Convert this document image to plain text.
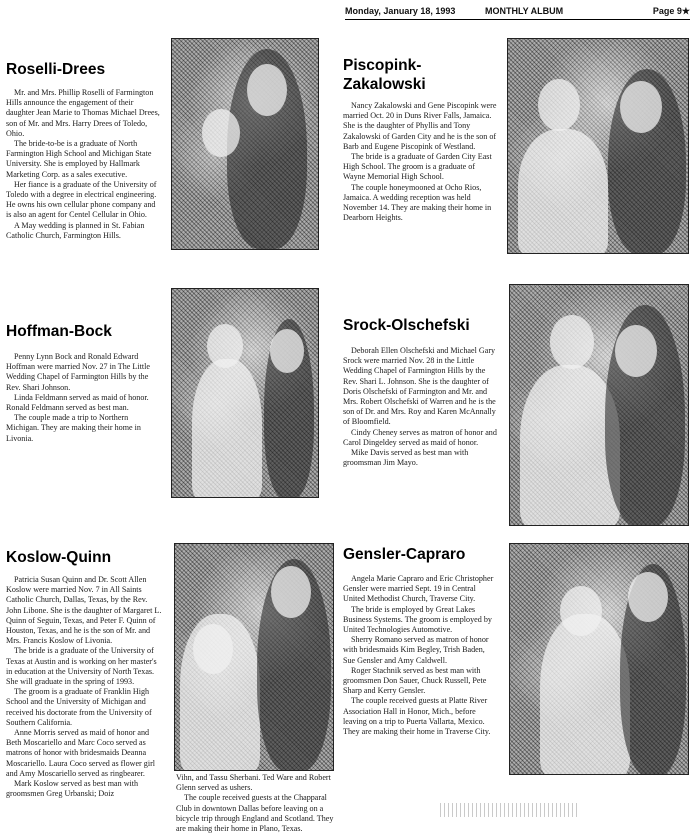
Monday, January 18, 1993	MONTHLY ALBUM	Page 9★
Roselli-Drees

Mr. and Mrs. Phillip Roselli of Farmington Hills announce the engagement of their daughter Jean Marie to Thomas Michael Drees, son of Mr. and Mrs. Harry Drees of Toledo, Ohio.

The bride-to-be is a graduate of North Farmington High School and Michigan State University. She is employed by Hallmark Marketing Corp. as a sales executive.

Her fiance is a graduate of the University of Toledo with a degree in electrical engineering. He owns his own cellular phone company and is also an agent for Centel Cellular in Ohio.

A May wedding is planned in St. Fabian Catholic Church, Farmington Hills.

Piscopink-
Zakalowski

Nancy Zakalowski and Gene Piscopink were married Oct. 20 in Duns River Falls, Jamaica. She is the daughter of Phyllis and Tony Zakalowski of Garden City and he is the son of Barb and Eugene Piscopink of Westland.

The bride is a graduate of Garden City East High School. The groom is a graduate of Wayne Memorial High School.

The couple honeymooned at Ocho Rios, Jamaica. A wedding reception was held November 14. They are making their home in Dearborn Heights.

Hoffman-Bock

Penny Lynn Bock and Ronald Edward Hoffman were married Nov. 27 in The Little Wedding Chapel of Farmington Hills by the Rev. Shari Johnson.

Linda Feldmann served as maid of honor. Ronald Feldmann served as best man.

The couple made a trip to Northern Michigan. They are making their home in Livonia.

Srock-Olschefski

Deborah Ellen Olschefski and Michael Gary Srock were married Nov. 28 in the Little Wedding Chapel of Farmington Hills by the Rev. Shari L. Johnson. She is the daughter of Doris Olschefski of Farmington and Mr. and Mrs. Robert Olschefski of Warren and he is the son of Dr. and Mrs. Roy and Karen McAnnally of Bloomfield.

Cindy Cheney serves as matron of honor and Carol Dingeldey served as maid of honor.

Mike Davis served as best man with groomsman Jim Mayo.

Koslow-Quinn

Patricia Susan Quinn and Dr. Scott Allen Koslow were married Nov. 7 in All Saints Catholic Church, Dallas, Texas, by the Rev. John Libone. She is the daughter of Margaret L. Quinn of Seguin, Texas, and Peter F. Quinn of Houston, Texas, and he is the son of Mr. and Mrs. Francis Koslow of Livonia.

The bride is a graduate of the University of Texas at Austin and is working on her master's in education at the University of North Texas. She will graduate in the spring of 1993.

The groom is a graduate of Franklin High School and the University of Michigan and received his doctorate from the University of Southern California.

Anne Morris served as maid of honor and Beth Moscariello and Marc Coco served as matrons of honor with bridesmaids Deanna Moscariello. Laura Coco served as flower girl and Amy Moscariello served as ringbearer.

Mark Koslow served as best man with groomsmen Greg Urbanski; Doiz

Vihn, and Tassu Sherbani. Ted Ware and Robert Glenn served as ushers.

The couple received guests at the Chapparal Club in downtown Dallas before leaving on a bicycle trip through England and Scotland. They are making their home in Plano, Texas.

Gensler-Capraro

Angela Marie Capraro and Eric Christopher Gensler were married Sept. 19 in Central United Methodist Church, Traverse City.

The bride is employed by Great Lakes Business Systems. The groom is employed by United Technologies Automotive.

Sherry Romano served as matron of honor with bridesmaids Kim Begley, Trish Baden, Sue Gensler and Amy Caldwell.

Roger Stachnik served as best man with groomsmen Don Sauer, Chuck Russell, Pete Sharp and Kerry Gensler.

The couple received guests at Platte River Association Hall in Honor, Mich., before leaving on a trip to Puerta Vallarta, Mexico. They are making their home in Traverse City.
